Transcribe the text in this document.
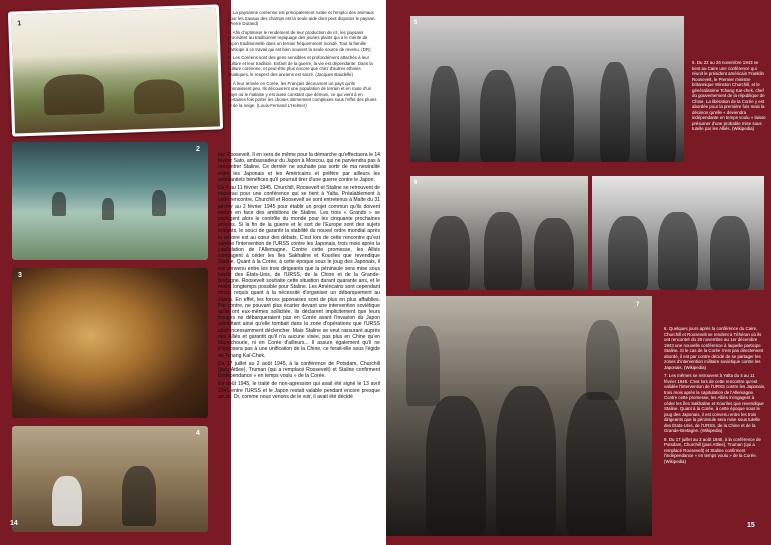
1
2
3
4

1. La paysanne coréenne est principalement rurale et l'emploi des animaux pour les travaux des champs est la seule aide dont peut disposer le paysan. (Pierre Durand)

2. Afin d'optimiser le rendement de leur production de riz, les paysans procèdent au traditionnel repiquage des jeunes plants qui a le mérite de façon traditionnelle dans un terrain fréquemment inondé. Tout la famille participe à ce travail qui est bien souvent la seule source de revenu. (DR)

3. Les Coréens sont des gens sensibles et profondément attachés à leur culture et leur tradition. Enfant de la guerre, la vie est dépendante. Dans la culture coréenne, et peut-être plus encore que chez d'autres ethnies asiatiques, le respect des anciens est sacré. (Jacques Baudelle)

4. À leur arrivée en Corée, les Français découvrent un pays qu'ils connaissent peu. Ils découvrent une population de terrain et en route d'un pays où le malaise y est aussi constant que démuni, ce qui vient à en certaines fois porter les choses intimement complexes sous l'effet des pluies et de la neige. (Louis-Fernand L'Helmer)

par Roosevelt. Il en sera de même pour la démarche qu'effectuera le 14 février Sato, ambassadeur du Japon à Moscou, qui ne parviendra pas à rencontrer Staline. Ce dernier ne souhaite pas sortir de ma neutralité entre les Japonais et les Américains et préfère par ailleurs les substantiels bénéfices qu'il pourrait tirer d'une guerre contre le Japon.

Du 4 au 11 février 1945, Churchill, Roosevelt et Staline se retrouvent de nouveau pour une conférence qui se tient à Yalta. Préalablement à cette rencontre, Churchill et Roosevelt se sont entretenus à Malte du 31 janvier au 2 février 1945 pour établir un projet commun qu'ils doivent mettre en face des ambitions de Staline. Les trois « Grands » se partagent alors le contrôle du monde pour les cinquante prochaines années. Si la fin de la guerre et le sort de l'Europe sont des sujets brûlants, le souci de garantir la stabilité du nouvel ordre mondial après la victoire est au cœur des débats. C'est lors de cette rencontre qu'est validée l'intervention de l'URSS contre les Japonais, trois mois après la capitulation de l'Allemagne. Contre cette promesse, les Alliés s'engagent à céder les îles Sakhaline et Kouriles que revendique Staline. Quant à la Corée, à cette époque sous le joug des Japonais, il est convenu entre les trois dirigeants que la péninsule sera mise sous tutelle des États-Unis, de l'URSS, de la Chine et de la Grande-Bretagne. Roosevelt souhaite cette situation durant quarante ans, et le moins longtemps possible pour Staline. Les Américains sont cependant moins requis quant à la nécessité d'organiser un débarquement au Japon. En effet, les forces japonaises sont de plus en plus affaiblies. Par contre, ne pouvant plus écarter devant une intervention soviétique qu'ils ont eux-mêmes sollicitée, ils déclarent implicitement que leurs troupes ne débarqueraient pas en Corée avant l'invasion du Japon admettant ainsi qu'elle tombait dans la zone d'opérations que l'URSS allait incessamment déclencher. Mais Staline se veut rassurant auprès des Alliés et garantit qu'il n'a aucune visée, pas plus en Chine qu'en Mandchourie, ni en Corée d'ailleurs... Il assure également qu'il ne s'opposera pas à une unification de la Chine, ce ferait-elle sous l'égide de Tchang Kaï-Chek.

Du 17 juillet au 2 août 1945, à la conférence de Potsdam, Churchill (puis Attlee), Truman (qui a remplacé Roosevelt) et Staline confirment l'indépendance « en temps voulu » de la Corée.

En août 1945, le traité de non-agression qui avait été signé le 13 avril 1941 entre l'URSS et le Japon restait valable pendant encore presque un an. Or, comme nous venons de le voir, il avait été décidé

14
5
6
7
5. Du 22 au 26 novembre 1943 se tient au Caire une conférence qui réunit le président américain Franklin Roosevelt, le Premier ministre britannique Winston Churchill, et le généralissime Tchang Kaï-chek, chef du gouvernement de la république de Chine. La libération de la Corée y est abordée pour la première fois mais la décision qu'elle « deviendra indépendante en temps voulu » laisse présumer d'une probable mise sous tutelle par les Alliés. (Wikipedia)

6. Quelques jours après la conférence du Caire, Churchill et Roosevelt se rendent à Téhéran où ils ont rencontré du 28 novembre au 1er décembre 1943 une nouvelle conférence à laquelle participe Staline. Si le cas de la Corée n'est pas directement abordé, il est par contre décidé de se partager les zones d'intervention militaire soviétique contre les Japonais. (Wikipedia)

7. Les mêmes se retrouvent à Yalta du 4 au 11 février 1945. C'est lors de cette rencontre qu'est validée l'intervention de l'URSS contre les Japonais, trois mois après la capitulation de l'Allemagne. Contre cette promesse, les Alliés s'engagent à céder les îles Sakhaline et Kouriles que revendique Staline. Quant à la Corée, à cette époque sous le joug des Japonais, il est convenu entre les trois dirigeants que la péninsule sera mise sous tutelle des États-Unis, de l'URSS, de la Chine et de la Grande-Bretagne. (Wikipedia)

8. Du 17 juillet au 2 août 1945, à la conférence de Potsdam, Churchill (puis Attlee), Truman (qui a remplacé Roosevelt) et Staline confirment l'indépendance « en temps voulu » de la Corée. (Wikipedia)

15
